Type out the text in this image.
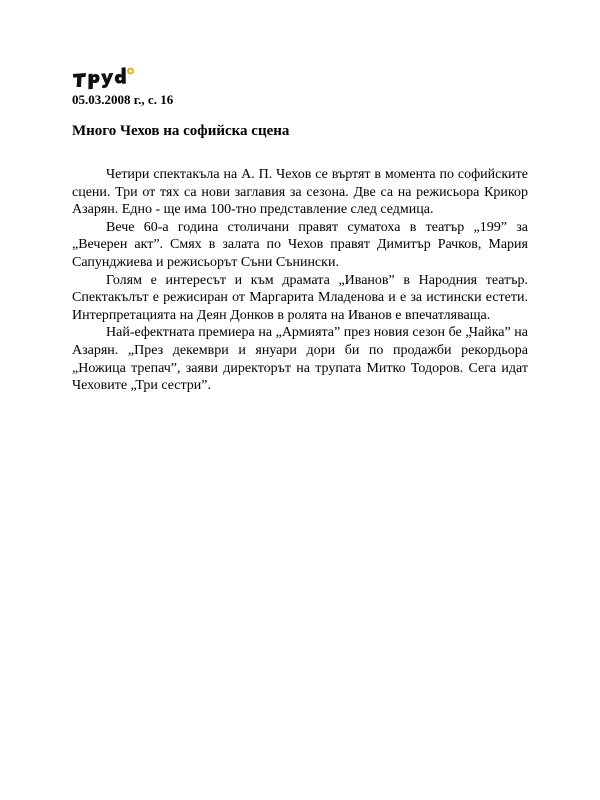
05.03.2008 г., с. 16
Много Чехов на софийска сцена

Четири спектакъла на А. П. Чехов се въртят в момента по софийските сцени. Три от тях са нови заглавия за сезона. Две са на режисьора Крикор Азарян. Едно - ще има 100-тно представление след седмица.

Вече 60-а година столичани правят суматоха в театър „199” за „Вечерен акт”. Смях в залата по Чехов правят Димитър Рачков, Мария Сапунджиева и режисьорът Съни Сънински.

Голям е интересът и към драмата „Иванов” в Народния театър. Спектакълът е режисиран от Маргарита Младенова и е за истински естети. Интерпретацията на Деян Донков в ролята на Иванов е впечатляваща.

Най-ефектната премиера на „Армията” през новия сезон бе „Чайка” на Азарян. „През декември и януари дори би по продажби рекордьора „Ножица трепач”, заяви директорът на трупата Митко Тодоров. Сега идат Чеховите „Три сестри”.
